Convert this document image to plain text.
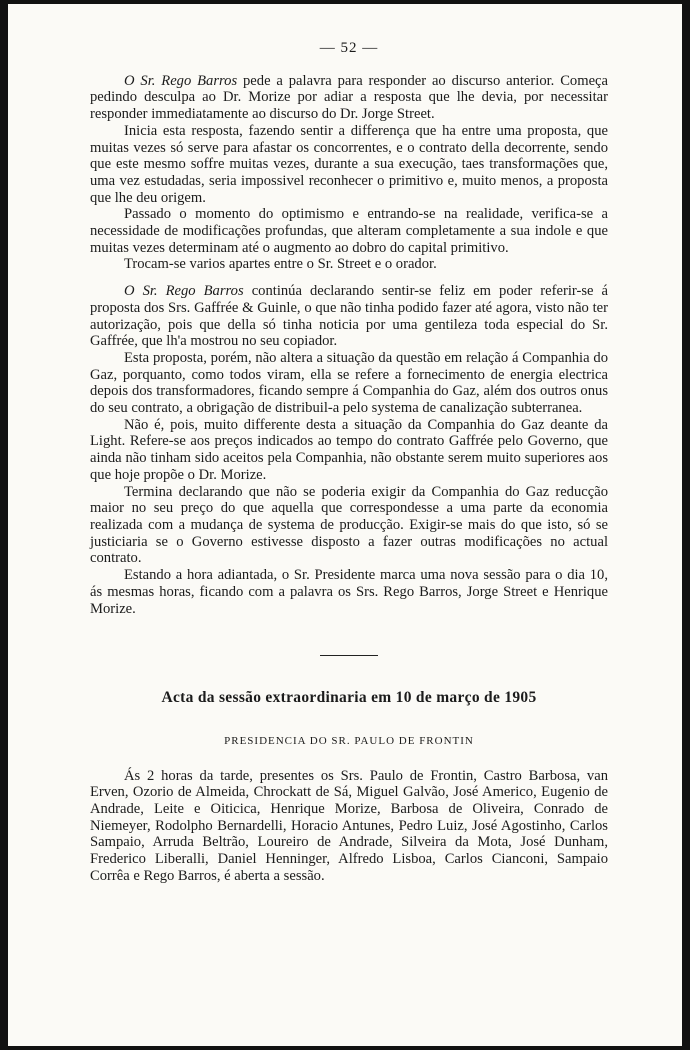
— 52 —

O Sr. Rego Barros pede a palavra para responder ao discurso anterior. Começa pedindo desculpa ao Dr. Morize por adiar a resposta que lhe devia, por necessitar responder immediatamente ao discurso do Dr. Jorge Street.

Inicia esta resposta, fazendo sentir a differença que ha entre uma proposta, que muitas vezes só serve para afastar os concorrentes, e o contrato della decorrente, sendo que este mesmo soffre muitas vezes, durante a sua execução, taes transformações que, uma vez estudadas, seria impossivel reconhecer o primitivo e, muito menos, a proposta que lhe deu origem.

Passado o momento do optimismo e entrando-se na realidade, verifica-se a necessidade de modificações profundas, que alteram completamente a sua indole e que muitas vezes determinam até o augmento ao dobro do capital primitivo.

Trocam-se varios apartes entre o Sr. Street e o orador.

O Sr. Rego Barros continúa declarando sentir-se feliz em poder referir-se á proposta dos Srs. Gaffrée & Guinle, o que não tinha podido fazer até agora, visto não ter autorização, pois que della só tinha noticia por uma gentileza toda especial do Sr. Gaffrée, que lh'a mostrou no seu copiador.

Esta proposta, porém, não altera a situação da questão em relação á Companhia do Gaz, porquanto, como todos viram, ella se refere a fornecimento de energia electrica depois dos transformadores, ficando sempre á Companhia do Gaz, além dos outros onus do seu contrato, a obrigação de distribuil-a pelo systema de canalização subterranea.

Não é, pois, muito differente desta a situação da Companhia do Gaz deante da Light. Refere-se aos preços indicados ao tempo do contrato Gaffrée pelo Governo, que ainda não tinham sido aceitos pela Companhia, não obstante serem muito superiores aos que hoje propõe o Dr. Morize.

Termina declarando que não se poderia exigir da Companhia do Gaz reducção maior no seu preço do que aquella que correspondesse a uma parte da economia realizada com a mudança de systema de producção. Exigir-se mais do que isto, só se justiciaria se o Governo estivesse disposto a fazer outras modificações no actual contrato.

Estando a hora adiantada, o Sr. Presidente marca uma nova sessão para o dia 10, ás mesmas horas, ficando com a palavra os Srs. Rego Barros, Jorge Street e Henrique Morize.

Acta da sessão extraordinaria em 10 de março de 1905
PRESIDENCIA DO SR. PAULO DE FRONTIN

Ás 2 horas da tarde, presentes os Srs. Paulo de Frontin, Castro Barbosa, van Erven, Ozorio de Almeida, Chrockatt de Sá, Miguel Galvão, José Americo, Eugenio de Andrade, Leite e Oiticica, Henrique Morize, Barbosa de Oliveira, Conrado de Niemeyer, Rodolpho Bernardelli, Horacio Antunes, Pedro Luiz, José Agostinho, Carlos Sampaio, Arruda Beltrão, Loureiro de Andrade, Silveira da Mota, José Dunham, Frederico Liberalli, Daniel Henninger, Alfredo Lisboa, Carlos Cianconi, Sampaio Corrêa e Rego Barros, é aberta a sessão.
